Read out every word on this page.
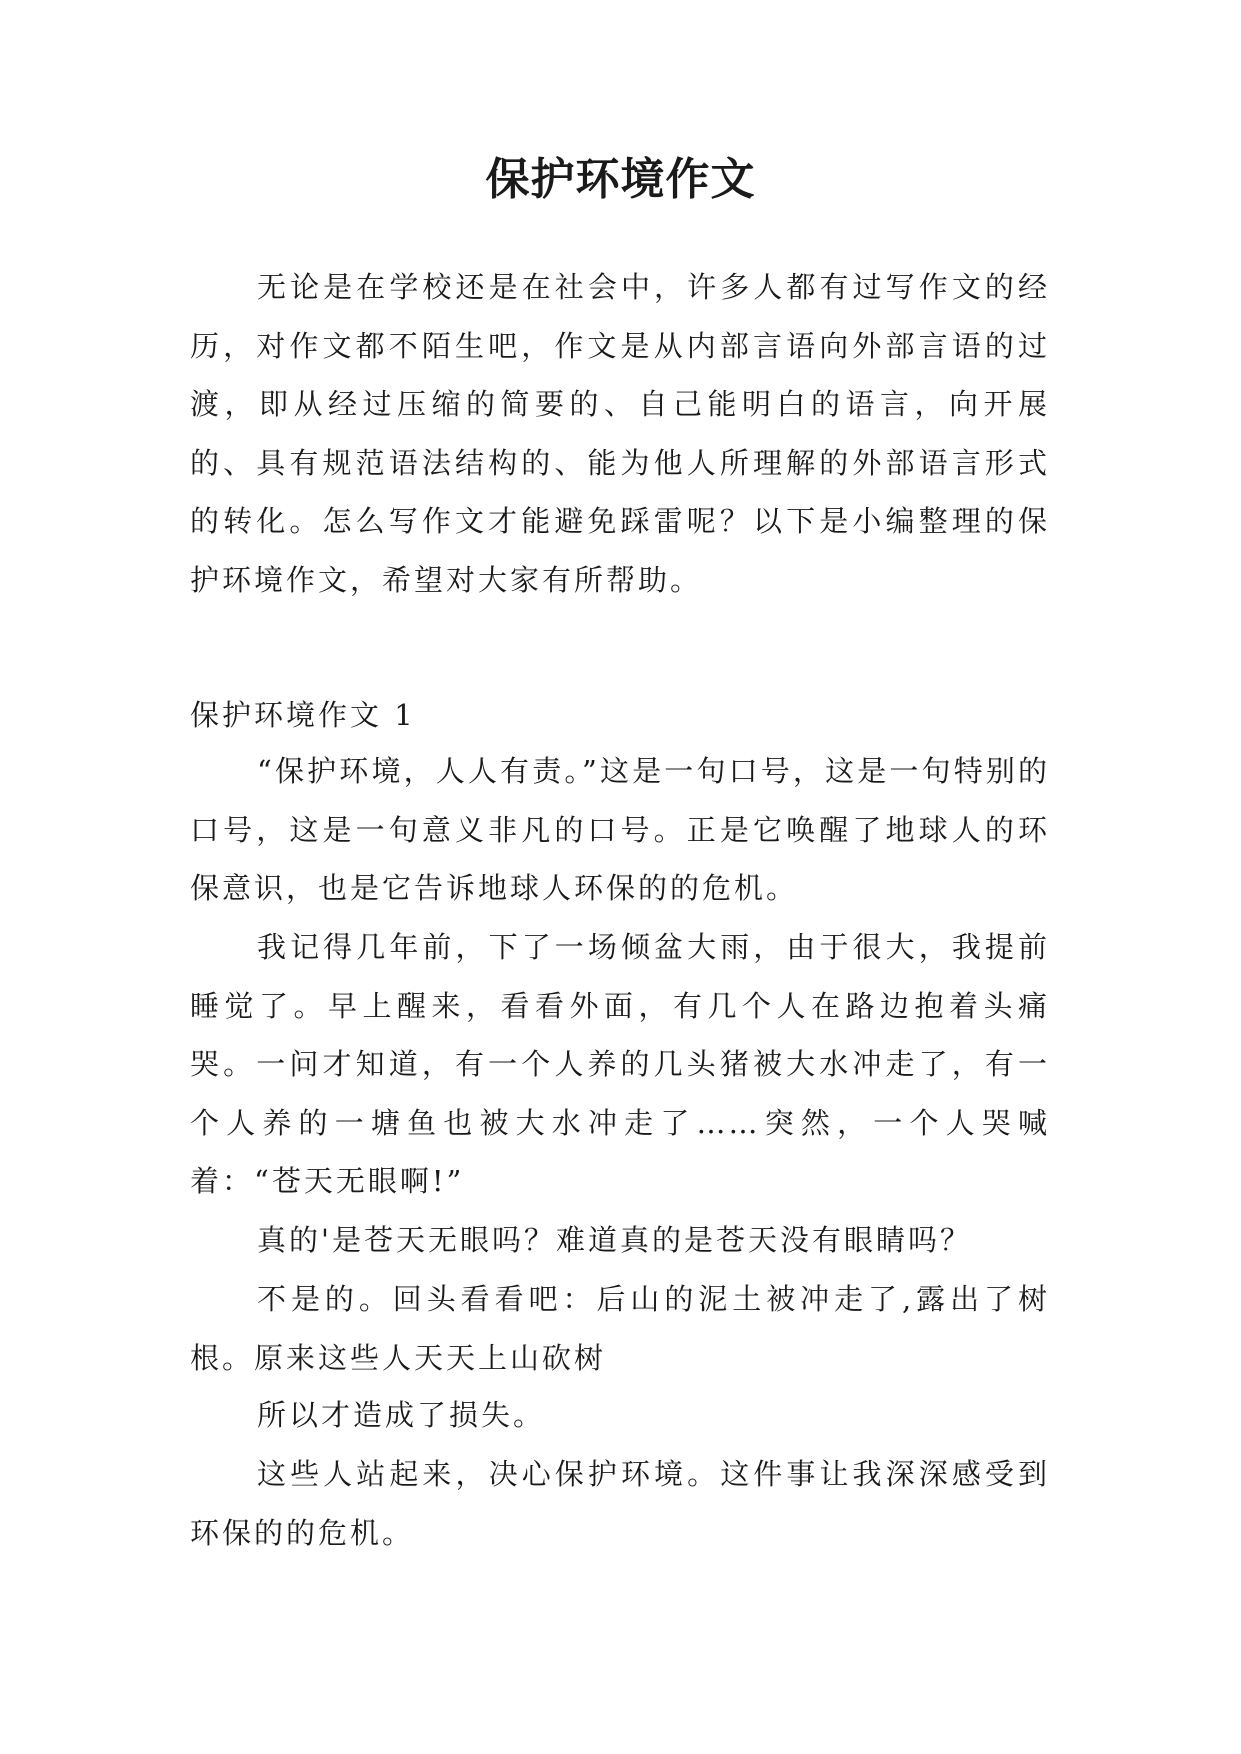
保护环境作文

无论是在学校还是在社会中，许多人都有过写作文的经历，对作文都不陌生吧，作文是从内部言语向外部言语的过渡，即从经过压缩的简要的、自己能明白的语言，向开展的、具有规范语法结构的、能为他人所理解的外部语言形式的转化。怎么写作文才能避免踩雷呢？以下是小编整理的保护环境作文，希望对大家有所帮助。

保护环境作文 1

“保护环境，人人有责。”这是一句口号，这是一句特别的口号，这是一句意义非凡的口号。正是它唤醒了地球人的环保意识，也是它告诉地球人环保的的危机。

我记得几年前，下了一场倾盆大雨，由于很大，我提前睡觉了。早上醒来，看看外面，有几个人在路边抱着头痛哭。一问才知道，有一个人养的几头猪被大水冲走了，有一个人养的一塘鱼也被大水冲走了……突然，一个人哭喊着：“苍天无眼啊!”

真的'是苍天无眼吗？难道真的是苍天没有眼睛吗？

不是的。回头看看吧：后山的泥土被冲走了,露出了树根。原来这些人天天上山砍树

所以才造成了损失。

这些人站起来，决心保护环境。这件事让我深深感受到环保的的危机。
